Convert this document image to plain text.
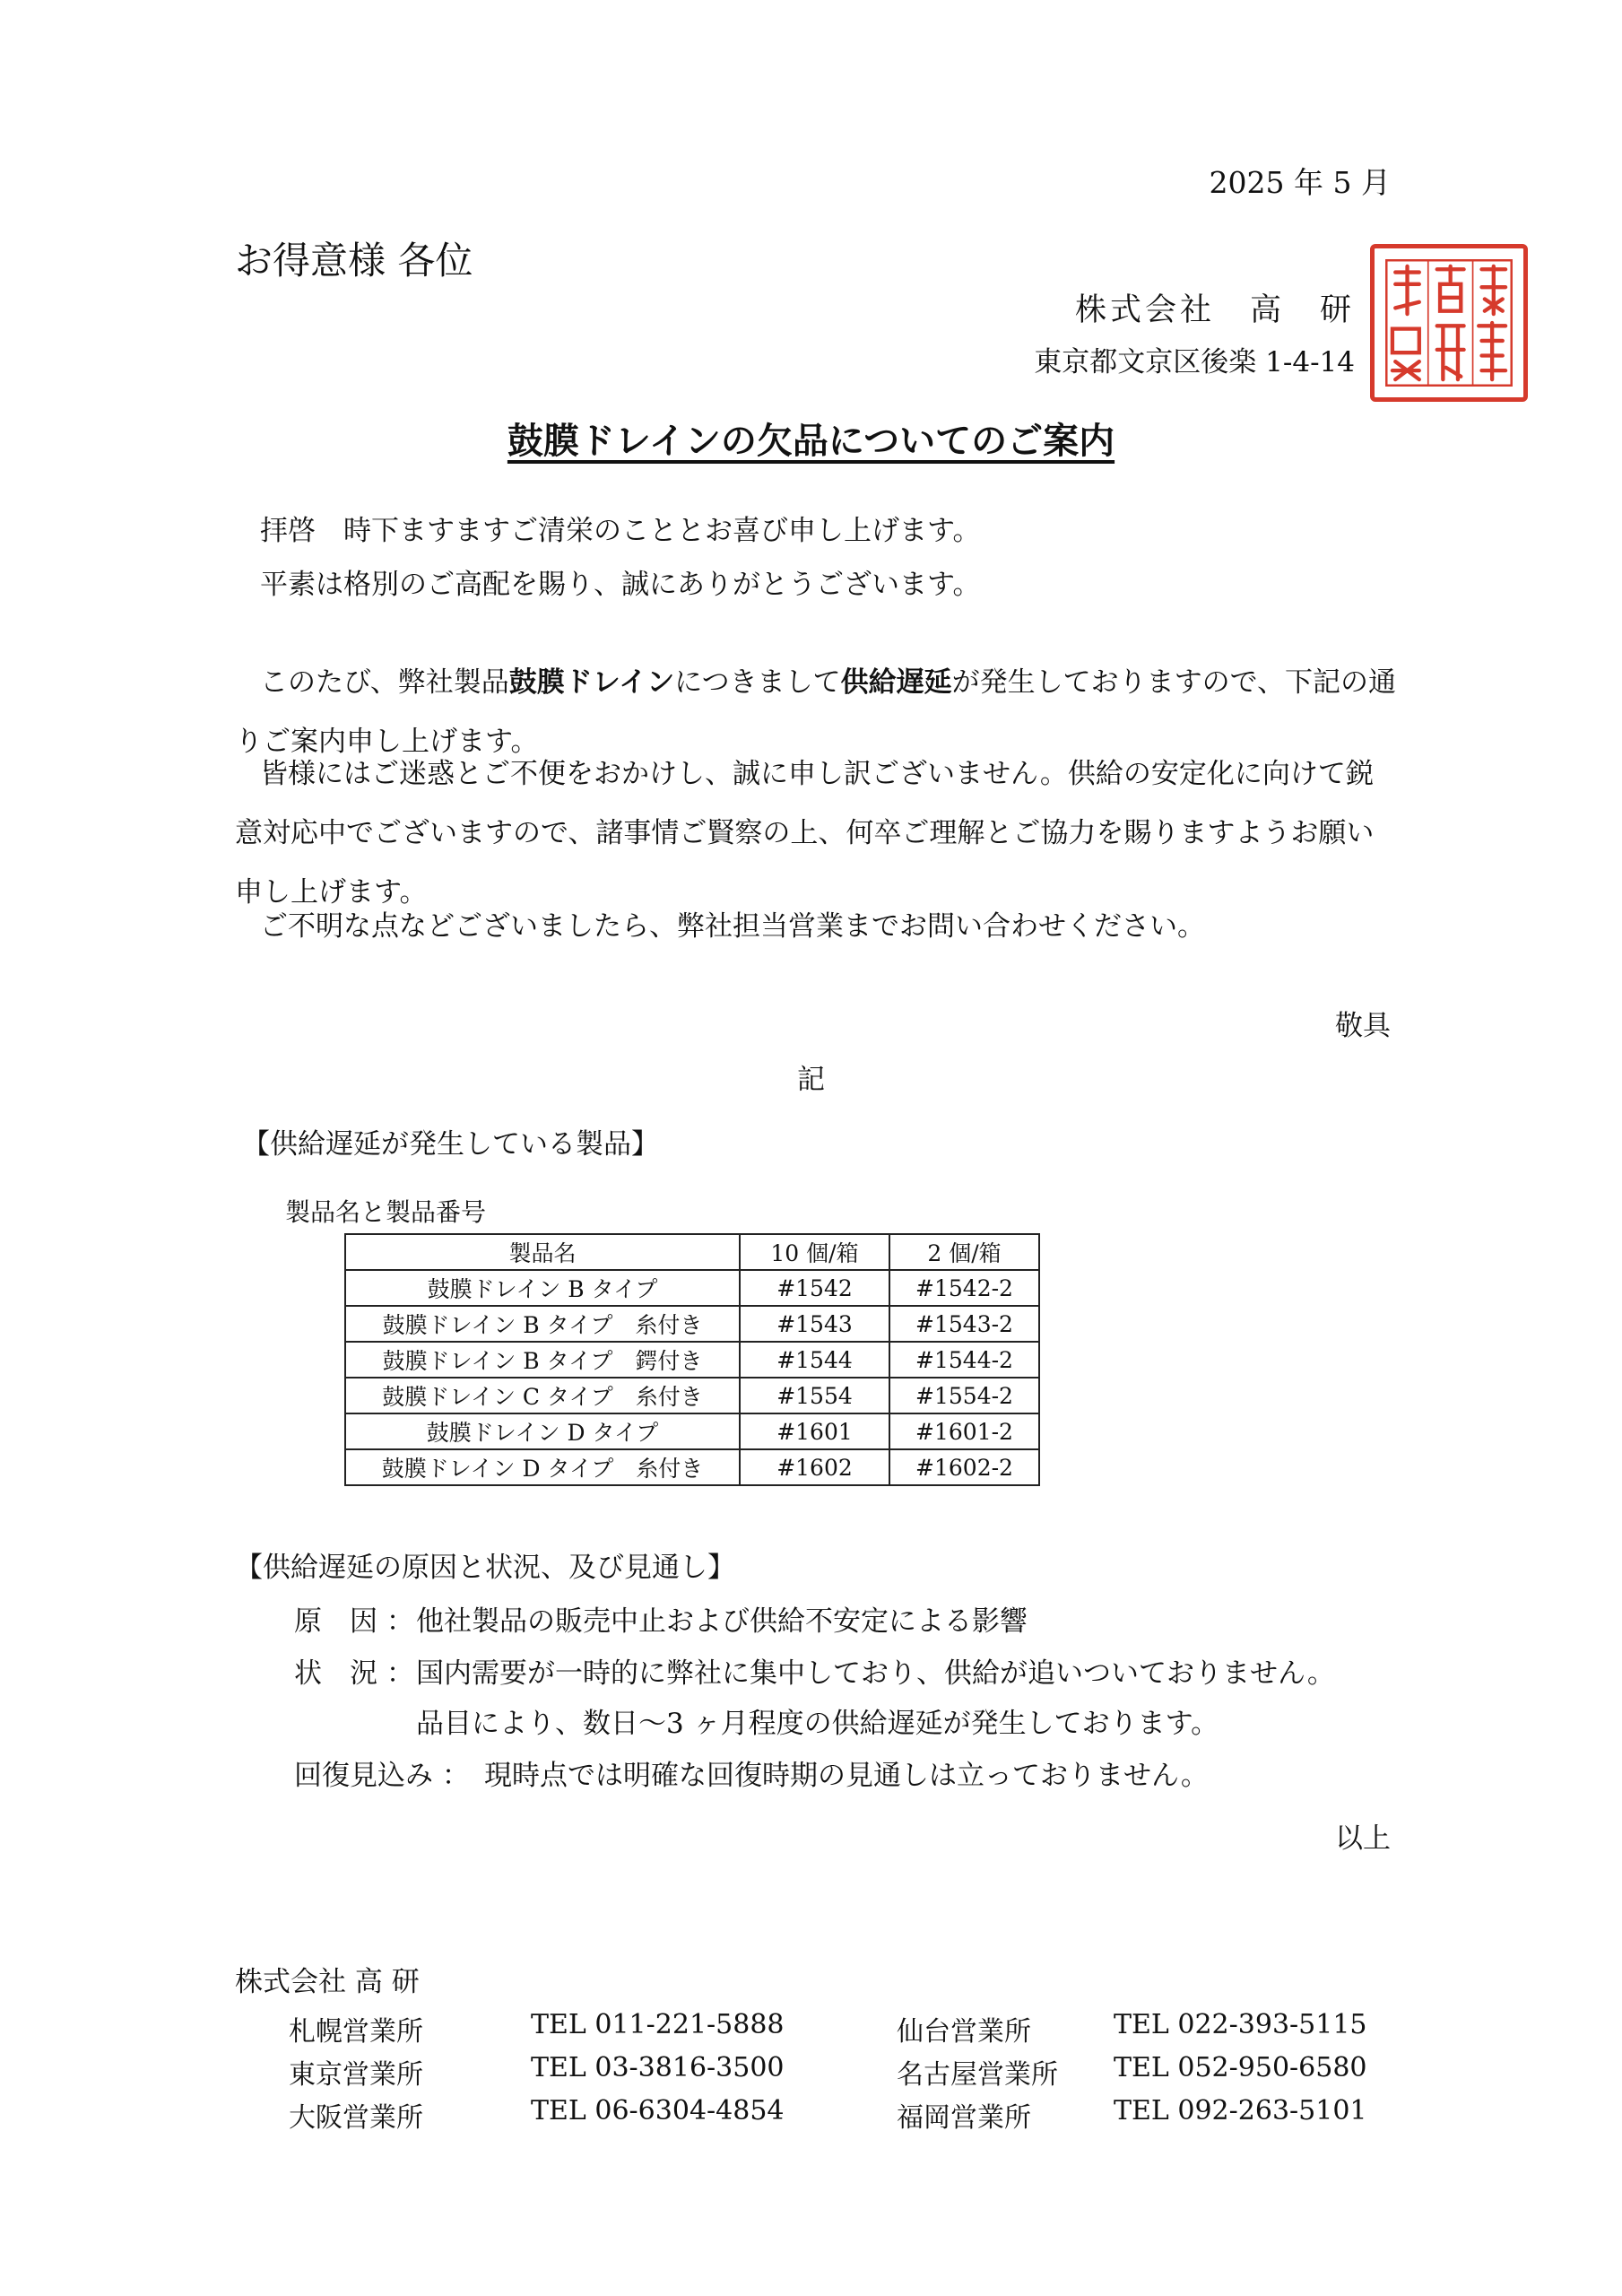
2025 年 5 月
お得意様 各位
株式会社　高　研
東京都文京区後楽 1-4-14
鼓膜ドレインの欠品についてのご案内
拝啓　時下ますますご清栄のこととお喜び申し上げます。
平素は格別のご高配を賜り、誠にありがとうございます。

このたび、弊社製品鼓膜ドレインにつきまして供給遅延が発生しておりますので、下記の通りご案内申し上げます。

皆様にはご迷惑とご不便をおかけし、誠に申し訳ございません。供給の安定化に向けて鋭意対応中でございますので、諸事情ご賢察の上、何卒ご理解とご協力を賜りますようお願い申し上げます。

ご不明な点などございましたら、弊社担当営業までお問い合わせください。

敬具
記
【供給遅延が発生している製品】
製品名と製品番号
製品名	10 個/箱	2 個/箱
鼓膜ドレイン B タイプ	#1542	#1542-2
鼓膜ドレイン B タイプ　糸付き	#1543	#1543-2
鼓膜ドレイン B タイプ　鍔付き	#1544	#1544-2
鼓膜ドレイン C タイプ　糸付き	#1554	#1554-2
鼓膜ドレイン D タイプ	#1601	#1601-2
鼓膜ドレイン D タイプ　糸付き	#1602	#1602-2
【供給遅延の原因と状況、及び見通し】
原　因 ： 他社製品の販売中止および供給不安定による影響
状　況 ： 国内需要が一時的に弊社に集中しており、供給が追いついておりません。
品目により、数日〜3 ヶ月程度の供給遅延が発生しております。
回復見込み ： 現時点では明確な回復時期の見通しは立っておりません。
以上
株式会社 高 研
札幌営業所	TEL 011-221-5888	仙台営業所	TEL 022-393-5115
東京営業所	TEL 03-3816-3500	名古屋営業所 TEL 052-950-6580
大阪営業所	TEL 06-6304-4854	福岡営業所	TEL 092-263-5101
